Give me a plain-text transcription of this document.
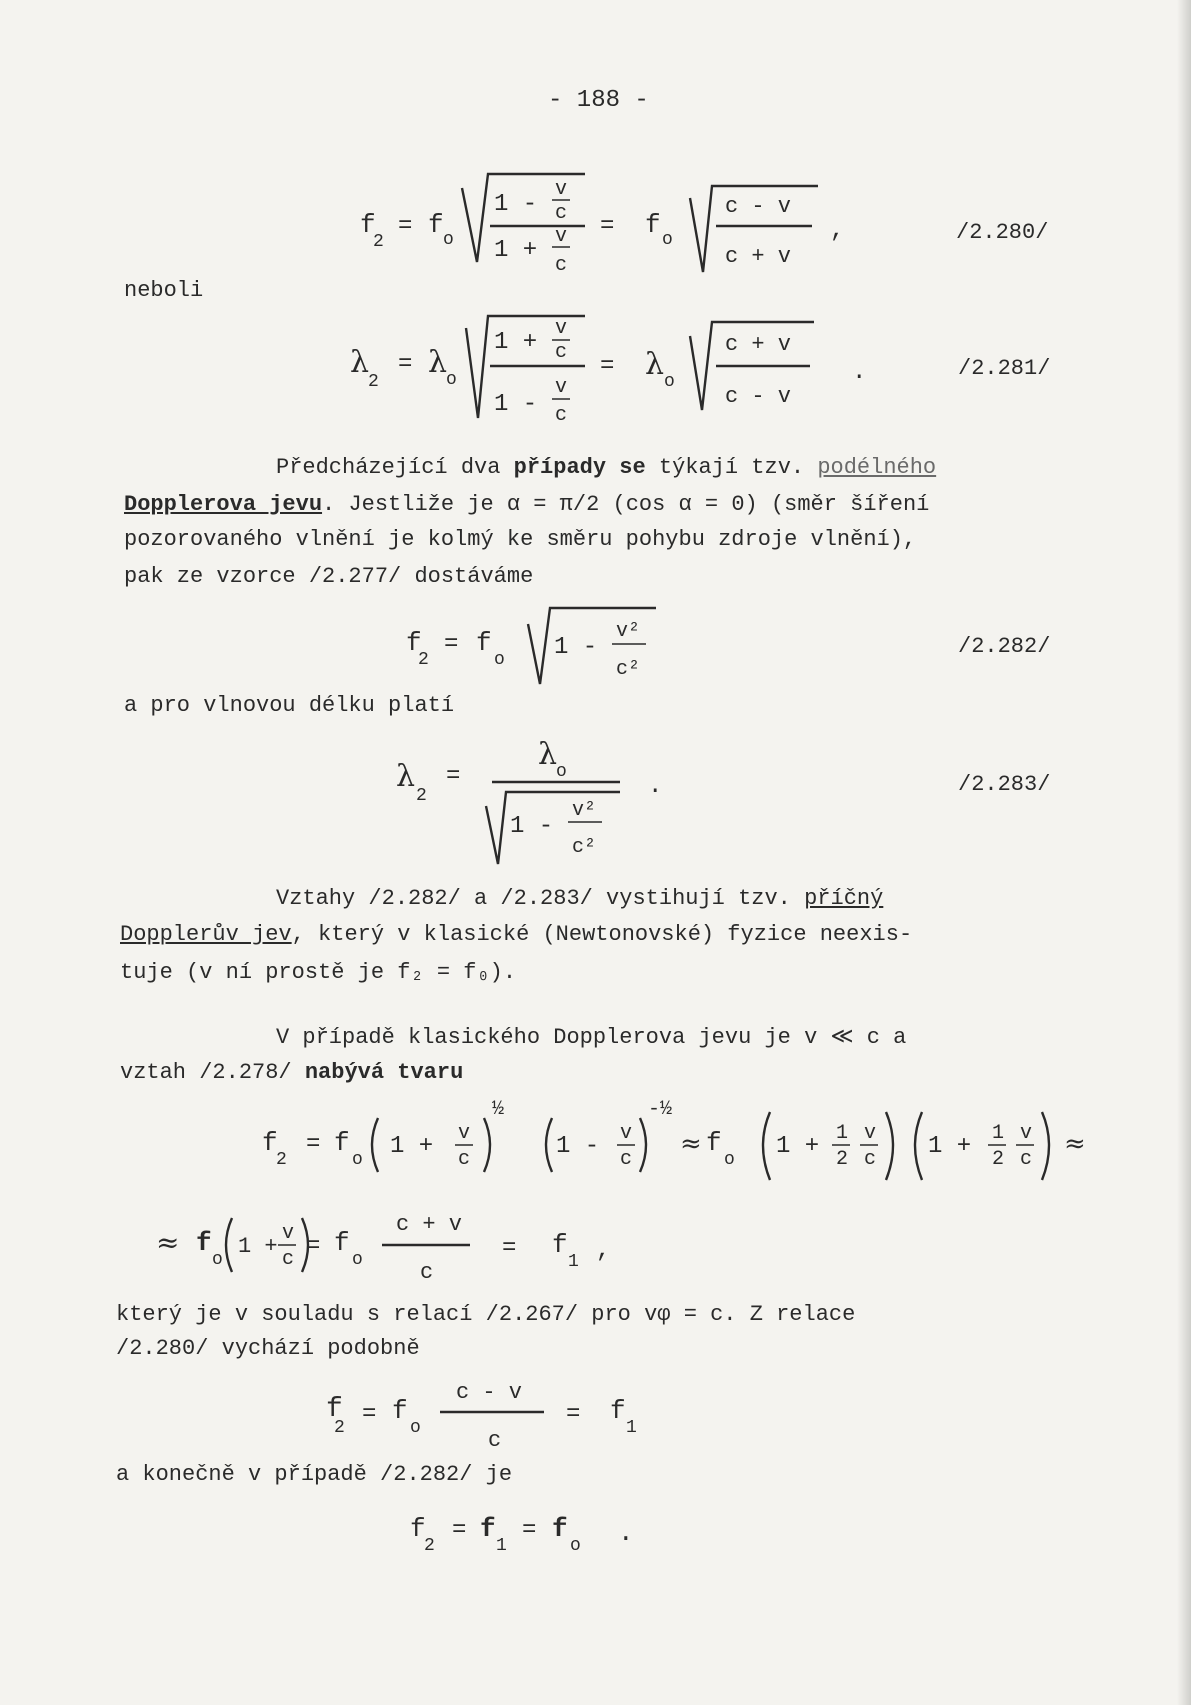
- 188 -
f
2
= f o
1 -
v
c
1 +
v
c
= f o
c - v
c + v
,	/2.280/
neboli
λ
2
= λ
o
1 +
v
c
1 -
v
c
= λ o
c + v
c - v
.	/2.281/
Předcházející dva případy se týkají tzv. podélného
Dopplerova jevu. Jestliže je α = π/2 (cos α = 0) (směr šíření
pozorovaného vlnění je kolmý ke směru pohybu zdroje vlnění),
pak ze vzorce /2.277/ dostáváme
f
2
= f
o 1 -
v²
c²
/2.282/
a pro vlnovou délku platí
λ
2
=
λ
o
1 -
v²
c²
.	/2.283/
Vztahy /2.282/ a /2.283/ vystihují tzv. příčný
Dopplerův jev, který v klasické (Newtonovské) fyzice neexis-
tuje (v ní prostě je f₂ = f₀).
V případě klasického Dopplerova jevu je v ≪ c a
vztah /2.278/ nabývá tvaru
f
2
= f
o 1 + v
c
½
1 - v
c
-½
≈ f
o 1 + 1
2
v
c 1 + 1
2
v
c
≈
≈ f
o
1 +
v
c = f
o
c + v
c
= f
1 ,
který je v souladu s relací /2.267/ pro vφ = c. Z relace
/2.280/ vychází podobně
f
2 = f
o
c - v
c
= f
1
a konečně v případě /2.282/ je
f
2
= f
1
= f
o .
